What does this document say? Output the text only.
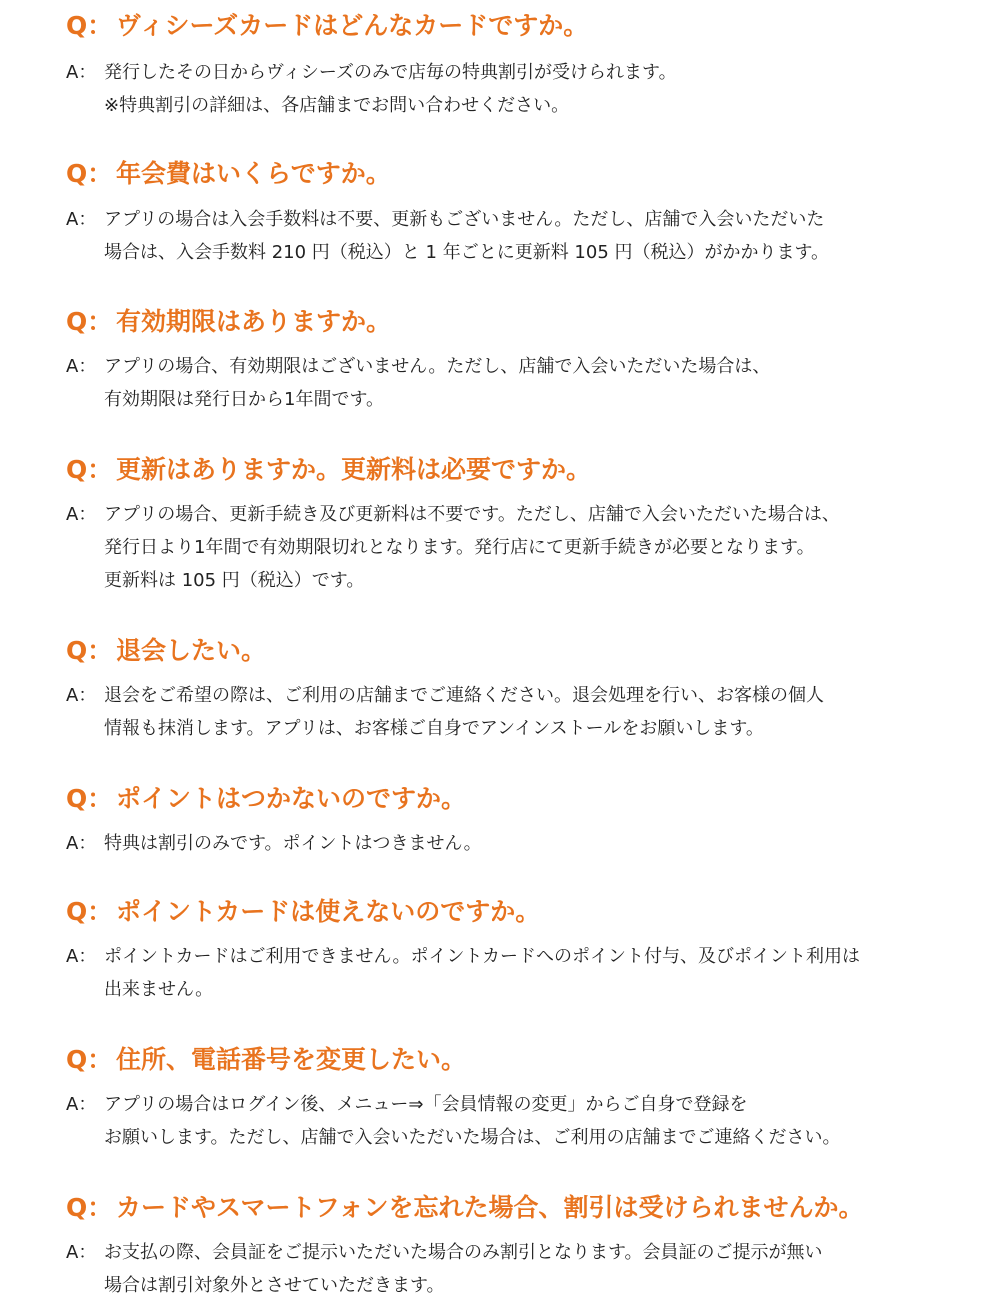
Q： ヴィシーズカードはどんなカードですか。
A： 発行したその日からヴィシーズのみで店毎の特典割引が受けられます。
※特典割引の詳細は、各店舗までお問い合わせください。
Q： 年会費はいくらですか。
A： アプリの場合は入会手数料は不要、更新もございません。ただし、店舗で入会いただいた
場合は、入会手数料 210 円（税込）と 1 年ごとに更新料 105 円（税込）がかかります。
Q： 有効期限はありますか。
A： アプリの場合、有効期限はございません。ただし、店舗で入会いただいた場合は、
有効期限は発行日から1年間です。
Q： 更新はありますか。更新料は必要ですか。
A： アプリの場合、更新手続き及び更新料は不要です。ただし、店舗で入会いただいた場合は、
発行日より1年間で有効期限切れとなります。発行店にて更新手続きが必要となります。
更新料は 105 円（税込）です。
Q： 退会したい。
A： 退会をご希望の際は、ご利用の店舗までご連絡ください。退会処理を行い、お客様の個人
情報も抹消します。アプリは、お客様ご自身でアンインストールをお願いします。
Q： ポイントはつかないのですか。
A： 特典は割引のみです。ポイントはつきません。
Q： ポイントカードは使えないのですか。
A： ポイントカードはご利用できません。ポイントカードへのポイント付与、及びポイント利用は
出来ません。
Q： 住所、電話番号を変更したい。
A： アプリの場合はログイン後、メニュー⇒「会員情報の変更」からご自身で登録を
お願いします。ただし、店舗で入会いただいた場合は、ご利用の店舗までご連絡ください。
Q： カードやスマートフォンを忘れた場合、割引は受けられませんか。
A： お支払の際、会員証をご提示いただいた場合のみ割引となります。会員証のご提示が無い
場合は割引対象外とさせていただきます。
